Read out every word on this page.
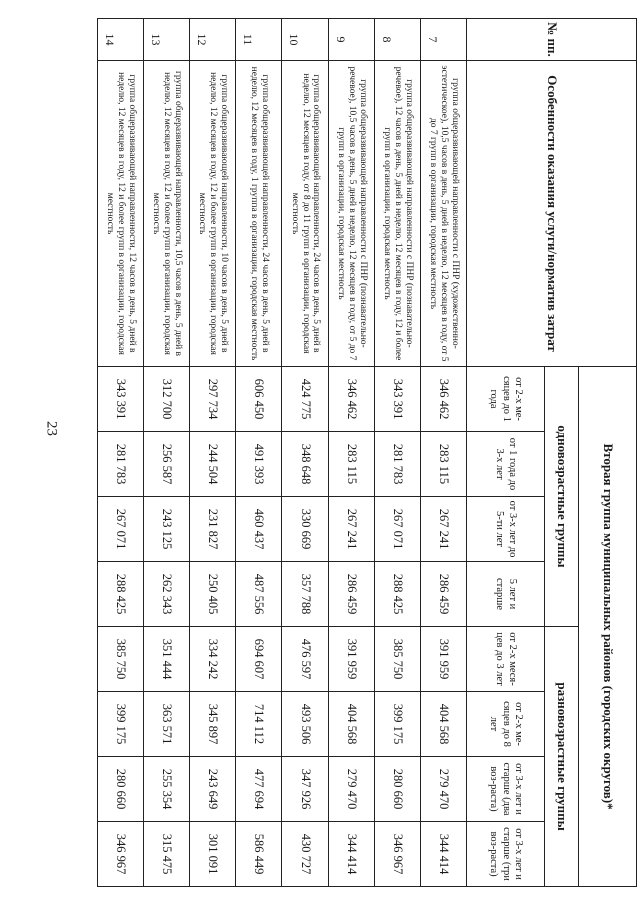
23
№ пп.	Особенности оказания услуги/норматив затрат	Вторая группа муниципальных районов (городских округов)*							
		одновозрастные группы				разновозрастные группы			
		от 2-х ме-сяцев до 1 года	от 1 года до 3-х лет	от 3-х лет до 5-ти лет	5 лет и старше	от 2-х меся-цев до 3 лет	от 2-х ме-сяцев до 8 лет	от 3-х лет и старше (два воз-раста)	от 3-х лет и старше (три воз-раста)
7	группа общеразвивающей направленности с ПНР (художественно-эстетическое), 10,5 часов в день, 5 дней в неделю, 12 месяцев в году, от 5 до 7 групп в организации, городская местность	346 462	283 115	267 241	286 459	391 959	404 568	279 470	344 414
8	группа общеразвивающей направленности с ПНР (познавательно-речевое), 12 часов в день, 5 дней в неделю, 12 месяцев в году, 12 и более групп в организации, городская местность	343 391	281 783	267 071	288 425	385 750	399 175	280 660	346 967
9	группа общеразвивающей направленности с ПНР (познавательно-речевое), 10,5 часов в день, 5 дней в неделю, 12 месяцев в году, от 5 до 7 групп в организации, городская местность	346 462	283 115	267 241	286 459	391 959	404 568	279 470	344 414
10	группа общеразвивающей направленности, 24 часов в день, 5 дней в неделю, 12 месяцев в году, от 8 до 11 групп в организации, городская местность	424 775	348 648	330 669	357 788	476 597	493 506	347 926	430 727
11	группа общеразвивающей направленности, 24 часов в день, 5 дней в неделю, 12 месяцев в году, 1 группа в организации, городская местность	606 450	491 393	460 437	487 556	694 607	714 112	477 694	586 449
12	группа общеразвивающей направленности, 10 часов в день, 5 дней в неделю, 12 месяцев в году, 12 и более групп в организации, городская местность	297 734	244 504	231 827	250 405	334 242	345 897	243 649	301 091
13	группа общеразвивающей направленности, 10,5 часов в день, 5 дней в неделю, 12 месяцев в году, 12 и более групп в организации, городская местность	312 700	256 587	243 125	262 343	351 444	363 571	255 354	315 475
14	группа общеразвивающей направленности, 12 часов в день, 5 дней в неделю, 12 месяцев в году, 12 и более групп в организации, городская местность	343 391	281 783	267 071	288 425	385 750	399 175	280 660	346 967
